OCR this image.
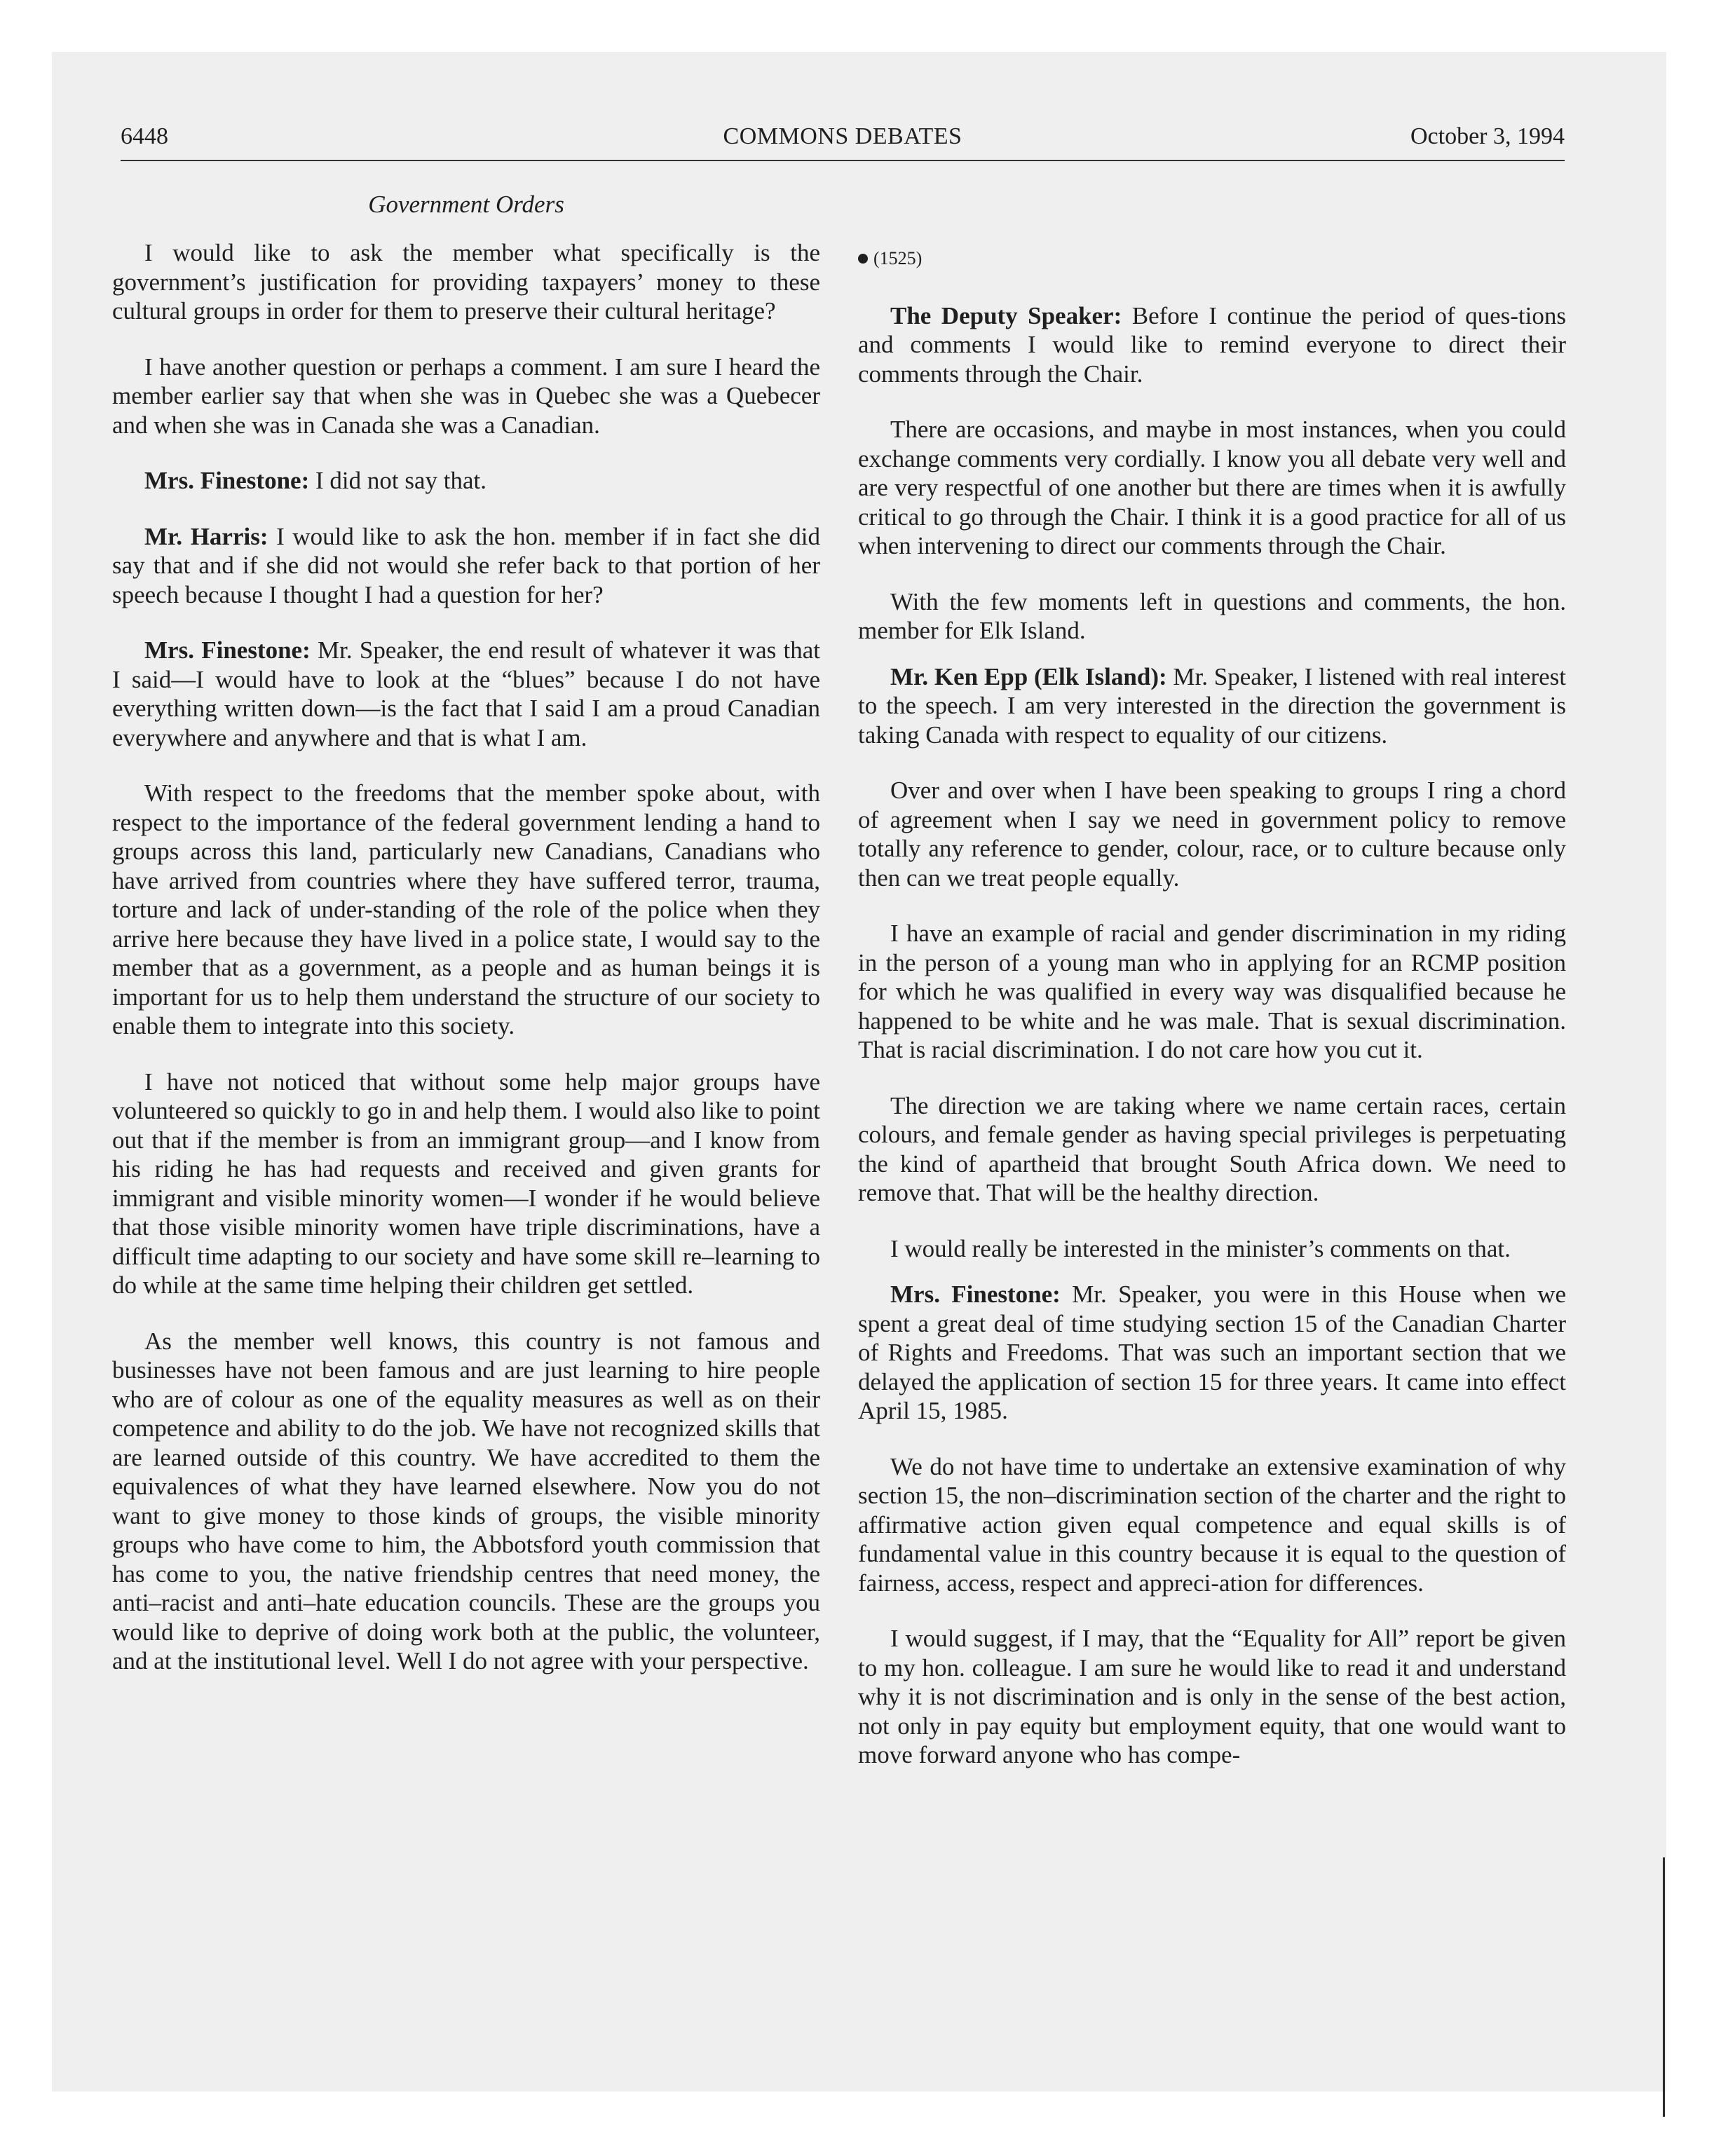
6448	COMMONS DEBATES	October 3, 1994
Government Orders

I would like to ask the member what specifically is the government’s justification for providing taxpayers’ money to these cultural groups in order for them to preserve their cultural heritage?

I have another question or perhaps a comment. I am sure I heard the member earlier say that when she was in Quebec she was a Quebecer and when she was in Canada she was a Canadian.

Mrs. Finestone: I did not say that.

Mr. Harris: I would like to ask the hon. member if in fact she did say that and if she did not would she refer back to that portion of her speech because I thought I had a question for her?

Mrs. Finestone: Mr. Speaker, the end result of whatever it was that I said—I would have to look at the “blues” because I do not have everything written down—is the fact that I said I am a proud Canadian everywhere and anywhere and that is what I am.

With respect to the freedoms that the member spoke about, with respect to the importance of the federal government lending a hand to groups across this land, particularly new Canadians, Canadians who have arrived from countries where they have suffered terror, trauma, torture and lack of under-standing of the role of the police when they arrive here because they have lived in a police state, I would say to the member that as a government, as a people and as human beings it is important for us to help them understand the structure of our society to enable them to integrate into this society.

I have not noticed that without some help major groups have volunteered so quickly to go in and help them. I would also like to point out that if the member is from an immigrant group—and I know from his riding he has had requests and received and given grants for immigrant and visible minority women—I wonder if he would believe that those visible minority women have triple discriminations, have a difficult time adapting to our society and have some skill re–learning to do while at the same time helping their children get settled.

As the member well knows, this country is not famous and businesses have not been famous and are just learning to hire people who are of colour as one of the equality measures as well as on their competence and ability to do the job. We have not recognized skills that are learned outside of this country. We have accredited to them the equivalences of what they have learned elsewhere. Now you do not want to give money to those kinds of groups, the visible minority groups who have come to him, the Abbotsford youth commission that has come to you, the native friendship centres that need money, the anti–racist and anti–hate education councils. These are the groups you would like to deprive of doing work both at the public, the volunteer, and at the institutional level. Well I do not agree with your perspective.

(1525)

The Deputy Speaker: Before I continue the period of ques-tions and comments I would like to remind everyone to direct their comments through the Chair.

There are occasions, and maybe in most instances, when you could exchange comments very cordially. I know you all debate very well and are very respectful of one another but there are times when it is awfully critical to go through the Chair. I think it is a good practice for all of us when intervening to direct our comments through the Chair.

With the few moments left in questions and comments, the hon. member for Elk Island.

Mr. Ken Epp (Elk Island): Mr. Speaker, I listened with real interest to the speech. I am very interested in the direction the government is taking Canada with respect to equality of our citizens.

Over and over when I have been speaking to groups I ring a chord of agreement when I say we need in government policy to remove totally any reference to gender, colour, race, or to culture because only then can we treat people equally.

I have an example of racial and gender discrimination in my riding in the person of a young man who in applying for an RCMP position for which he was qualified in every way was disqualified because he happened to be white and he was male. That is sexual discrimination. That is racial discrimination. I do not care how you cut it.

The direction we are taking where we name certain races, certain colours, and female gender as having special privileges is perpetuating the kind of apartheid that brought South Africa down. We need to remove that. That will be the healthy direction.

I would really be interested in the minister’s comments on that.

Mrs. Finestone: Mr. Speaker, you were in this House when we spent a great deal of time studying section 15 of the Canadian Charter of Rights and Freedoms. That was such an important section that we delayed the application of section 15 for three years. It came into effect April 15, 1985.

We do not have time to undertake an extensive examination of why section 15, the non–discrimination section of the charter and the right to affirmative action given equal competence and equal skills is of fundamental value in this country because it is equal to the question of fairness, access, respect and appreci-ation for differences.

I would suggest, if I may, that the “Equality for All” report be given to my hon. colleague. I am sure he would like to read it and understand why it is not discrimination and is only in the sense of the best action, not only in pay equity but employment equity, that one would want to move forward anyone who has compe-
